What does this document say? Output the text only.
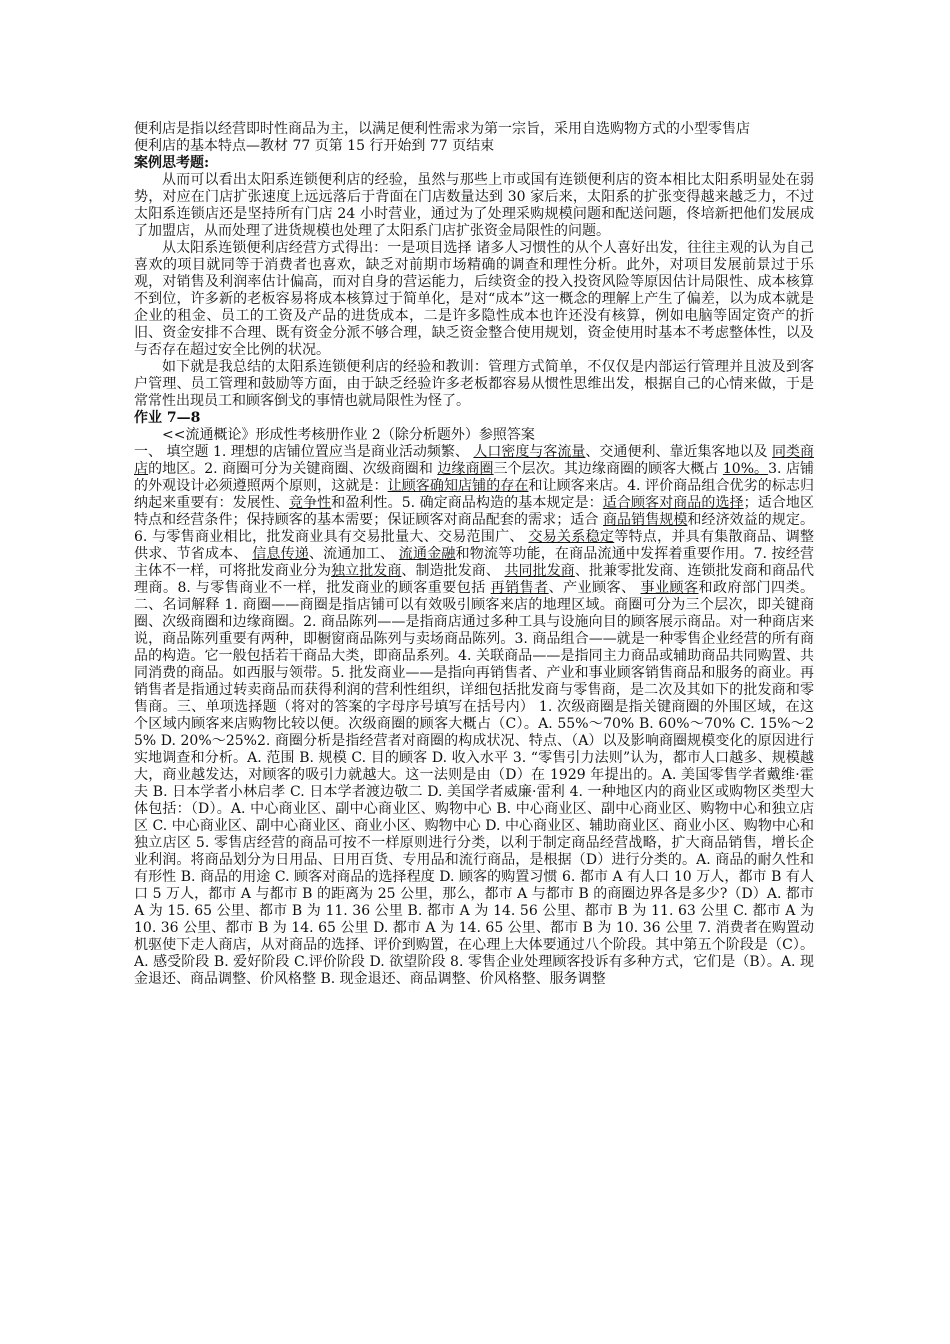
便利店是指以经营即时性商品为主，以满足便利性需求为第一宗旨，采用自选购物方式的小型零售店

便利店的基本特点—教材 77 页第 15 行开始到 77 页结束

案例思考题:

从而可以看出太阳系连锁便利店的经验，虽然与那些上市或国有连锁便利店的资本相比太阳系明显处在弱势，对应在门店扩张速度上远远落后于背面在门店数量达到 30 家后来，太阳系的扩张变得越来越乏力，不过太阳系连锁店还是坚持所有门店 24 小时营业，通过为了处理采购规模问题和配送问题，佟培新把他们发展成了加盟店，从而处理了进货规模也处理了太阳系门店扩张资金局限性的问题。

从太阳系连锁便利店经营方式得出：一是项目选择 诸多人习惯性的从个人喜好出发，往往主观的认为自己喜欢的项目就同等于消费者也喜欢，缺乏对前期市场精确的调查和理性分析。此外，对项目发展前景过于乐观，对销售及利润率估计偏高，而对自身的营运能力，后续资金的投入投资风险等原因估计局限性、成本核算不到位，许多新的老板容易将成本核算过于简单化，是对“成本”这一概念的理解上产生了偏差，以为成本就是企业的租金、员工的工资及产品的进货成本，二是许多隐性成本也许还没有核算，例如电脑等固定资产的折旧、资金安排不合理、既有资金分派不够合理，缺乏资金整合使用规划，资金使用时基本不考虑整体性，以及与否存在超过安全比例的状况。

如下就是我总结的太阳系连锁便利店的经验和教训：管理方式简单，不仅仅是内部运行管理并且波及到客户管理、员工管理和鼓励等方面，由于缺乏经验许多老板都容易从惯性思维出发，根据自己的心情来做，于是常常性出现员工和顾客倒戈的事情也就局限性为怪了。

作业 7—8

<<流通概论》形成性考核册作业 2（除分析题外）参照答案

一、 填空题 1. 理想的店铺位置应当是商业活动频繁、 人口密度与客流量、交通便利、靠近集客地以及 同类商店的地区。2. 商圈可分为关键商圈、次级商圈和 边缘商圈三个层次。其边缘商圈的顾客大概占 10%。3. 店铺的外观设计必须遵照两个原则，这就是：让顾客确知店铺的存在和让顾客来店。4. 评价商品组合优劣的标志归纳起来重要有：发展性、竞争性和盈利性。5. 确定商品构造的基本规定是：适合顾客对商品的选择；适合地区特点和经营条件；保持顾客的基本需要；保证顾客对商品配套的需求；适合 商品销售规模和经济效益的规定。6. 与零售商业相比，批发商业具有交易批量大、交易范围广、 交易关系稳定等特点，并具有集散商品、调整供求、节省成本、 信息传递、流通加工、 流通金融和物流等功能，在商品流通中发挥着重要作用。7. 按经营主体不一样，可将批发商业分为独立批发商、制造批发商、 共同批发商、批兼零批发商、连锁批发商和商品代理商。8. 与零售商业不一样，批发商业的顾客重要包括 再销售者、产业顾客、 事业顾客和政府部门四类。二、名词解释 1. 商圈——商圈是指店铺可以有效吸引顾客来店的地理区域。商圈可分为三个层次，即关键商圈、次级商圈和边缘商圈。2. 商品陈列——是指商店通过多种工具与设施向目的顾客展示商品。对一种商店来说，商品陈列重要有两种，即橱窗商品陈列与卖场商品陈列。3. 商品组合——就是一种零售企业经营的所有商品的构造。它一般包括若干商品大类，即商品系列。4. 关联商品——是指同主力商品或辅助商品共同购置、共同消费的商品。如西服与领带。5. 批发商业——是指向再销售者、产业和事业顾客销售商品和服务的商业。再销售者是指通过转卖商品而获得利润的营利性组织，详细包括批发商与零售商，是二次及其如下的批发商和零售商。三、单项选择题（将对的答案的字母序号填写在括号内） 1. 次级商圈是指关键商圈的外围区域，在这个区域内顾客来店购物比较以便。次级商圈的顾客大概占（C）。A. 55%～70% B. 60%～70% C. 15%～25% D. 20%～25%2. 商圈分析是指经营者对商圈的构成状况、特点、（A）以及影响商圈规模变化的原因进行实地调查和分析。A. 范围 B. 规模 C. 目的顾客 D. 收入水平 3. “零售引力法则”认为，都市人口越多、规模越大，商业越发达，对顾客的吸引力就越大。这一法则是由（D）在 1929 年提出的。A. 美国零售学者戴维·霍夫 B. 日本学者小林启孝 C. 日本学者渡边敬二 D. 美国学者威廉·雷利 4. 一种地区内的商业区或购物区类型大体包括：（D）。A. 中心商业区、副中心商业区、购物中心 B. 中心商业区、副中心商业区、购物中心和独立店区 C. 中心商业区、副中心商业区、商业小区、购物中心 D. 中心商业区、辅助商业区、商业小区、购物中心和独立店区 5. 零售店经营的商品可按不一样原则进行分类，以利于制定商品经营战略，扩大商品销售，增长企业利润。将商品划分为日用品、日用百货、专用品和流行商品，是根据（D）进行分类的。A. 商品的耐久性和有形性 B. 商品的用途 C. 顾客对商品的选择程度 D. 顾客的购置习惯 6. 都市 A 有人口 10 万人，都市 B 有人口 5 万人，都市 A 与都市 B 的距离为 25 公里，那么，都市 A 与都市 B 的商圈边界各是多少?（D）A. 都市 A 为 15. 65 公里、都市 B 为 11. 36 公里 B. 都市 A 为 14. 56 公里、都市 B 为 11. 63 公里 C. 都市 A 为 10. 36 公里、都市 B 为 14. 65 公里 D. 都市 A 为 14. 65 公里、都市 B 为 10. 36 公里 7. 消费者在购置动机驱使下走人商店，从对商品的选择、评价到购置，在心理上大体要通过八个阶段。其中第五个阶段是（C）。A. 感受阶段 B. 爱好阶段 C.评价阶段 D. 欲望阶段 8. 零售企业处理顾客投诉有多种方式，它们是（B）。A. 现金退还、商品调整、价风格整 B. 现金退还、商品调整、价风格整、服务调整
